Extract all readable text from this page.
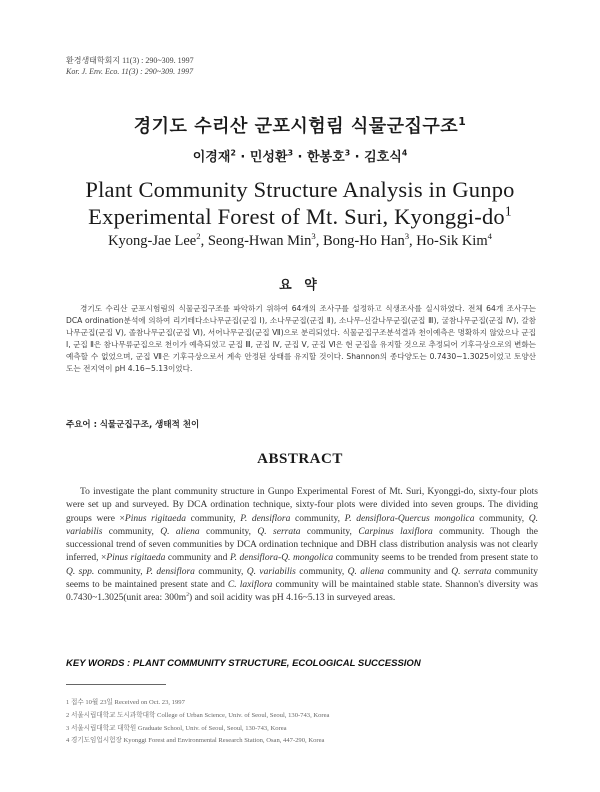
환경생태학회지 11(3) : 290~309. 1997
Kor. J. Env. Eco. 11(3) : 290~309. 1997
경기도 수리산 군포시험림 식물군집구조$^1$
이경재$^2$ · 민성환$^3$ · 한봉호$^3$ · 김호식$^4$
Plant Community Structure Analysis in Gunpo
Experimental Forest of Mt. Suri, Kyonggi-$do^1$
Kyong-Jae Lee$^2$, Seong-Hwan Min$^3$, Bong-Ho Han$^3$, Ho-Sik Kim$^4$
요 약
경기도 수리산 군포시험림의 식물군집구조를 파악하기 위하여 64개의 조사구를 설정하고 식생조사를 실시하였다. 전체 64개 조사구는 DCA ordination분석에 의하여 리기테다소나무군집(군집 Ⅰ), 소나무군집(군집 Ⅱ), 소나무-신갈나무군집(군집 Ⅲ), 굴참나무군집(군집 Ⅳ), 갈참나무군집(군집 Ⅴ), 졸참나무군집(군집 Ⅵ), 서어나무군집(군집 Ⅶ)으로 분리되었다. 식물군집구조분석결과 천이예측은 명확하지 않았으나 군집 Ⅰ, 군집 Ⅱ은 참나무류군집으로 천이가 예측되었고 군집 Ⅲ, 군집 Ⅳ, 군집 Ⅴ, 군집 Ⅵ은 현 군집을 유지할 것으로 추정되어 기후극상으로의 변화는 예측할 수 없었으며, 군집 Ⅶ은 기후극상으로서 계속 안정된 상태를 유지할 것이다. Shannon의 종다양도는 0.7430~1.3025이었고 토양산도는 전지역이 pH 4.16~5.13이었다.
주요어 : 식물군집구조, 생태적 천이
ABSTRACT
To investigate the plant community structure in Gunpo Experimental Forest of Mt. Suri, Kyonggi-do, sixty-four plots were set up and surveyed. By DCA ordination technique, sixty-four plots were divided into seven groups. The dividing groups were ×Pinus rigitaeda community, P. densiflora community, P. densiflora-Quercus mongolica community, Q. variabilis community, Q. aliena community, Q. serrata community, Carpinus laxiflora community. Though the successional trend of seven communities by DCA ordination technique and DBH class distribution analysis was not clearly inferred, ×Pinus rigitaeda community and P. densiflora-Q. mongolica community seems to be trended from present state to Q. spp. community, P. densiflora community, Q. variabilis community, Q. aliena community and Q. serrata community seems to be maintained present state and C. laxiflora community will be maintained stable state. Shannon's diversity was 0.7430~1.3025(unit area: $300m^2$) and soil acidity was pH 4.16~5.13 in surveyed areas.
KEY WORDS : PLANT COMMUNITY STRUCTURE, ECOLOGICAL SUCCESSION
1 접수 10월 23일 Received on Oct. 23, 1997
2 서울시립대학교 도시과학대학 College of Urban Science, Univ. of Seoul, Seoul, 130-743, Korea
3 서울시립대학교 대학원 Graduate School, Univ. of Seoul, Seoul, 130-743, Korea
4 경기도임업시험장 Kyonggi Forest and Environmental Research Station, Osan, 447-290, Korea
